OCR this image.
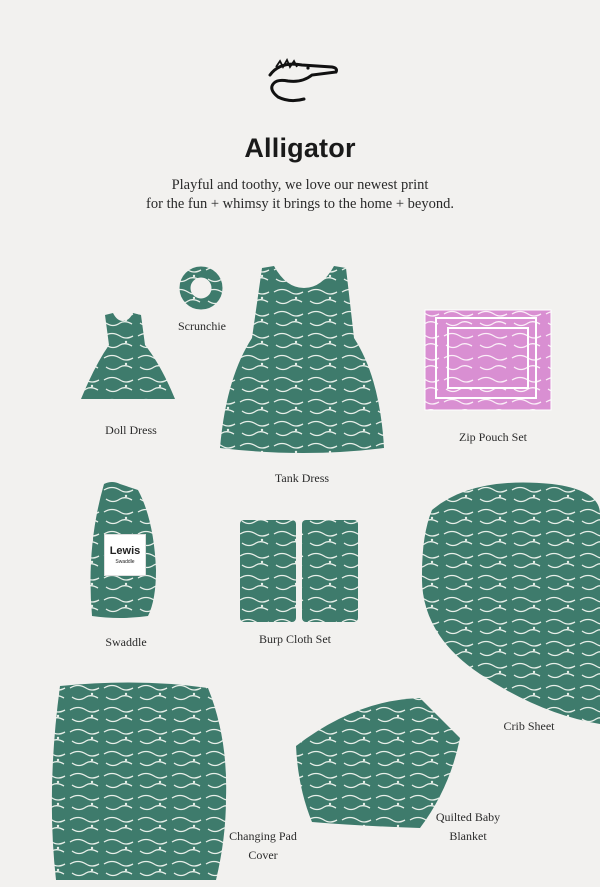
Alligator
Playful and toothy, we love our newest print
for the fun + whimsy it brings to the home + beyond.
Lewis
Swaddle
Scrunchie
Doll Dress
Tank Dress
Zip Pouch Set
Swaddle	Burp Cloth Set
Crib Sheet
Changing Pad
Cover
Quilted Baby
Blanket
